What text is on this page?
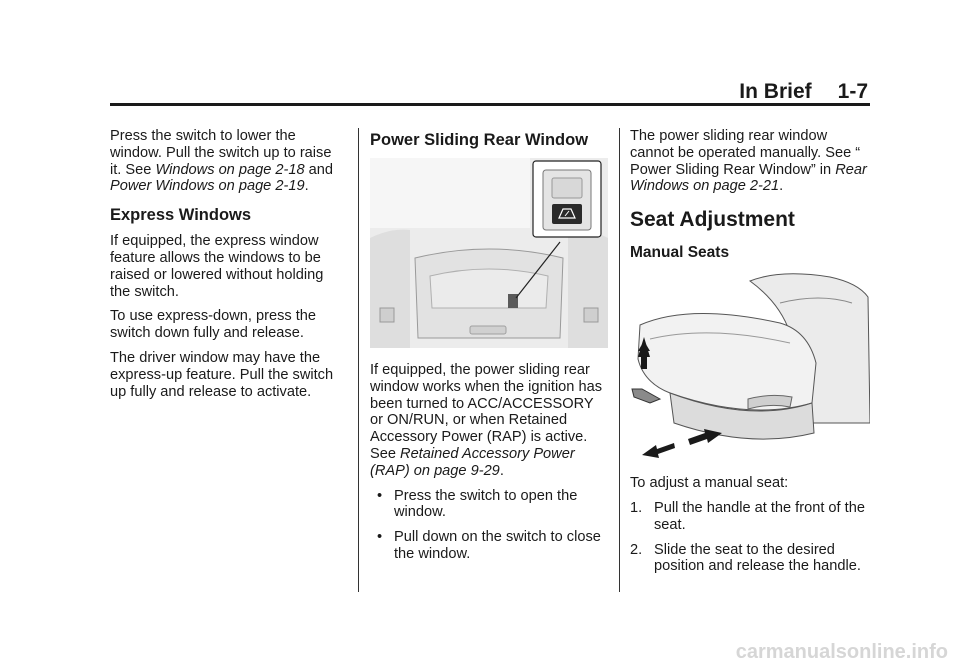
In Brief 1-7

Press the switch to lower the window. Pull the switch up to raise it. See Windows on page 2-18 and Power Windows on page 2-19.

Express Windows

If equipped, the express window feature allows the windows to be raised or lowered without holding the switch.

To use express-down, press the switch down fully and release.

The driver window may have the express-up feature. Pull the switch up fully and release to activate.

Power Sliding Rear Window

If equipped, the power sliding rear window works when the ignition has been turned to ACC/ACCESSORY or ON/RUN, or when Retained Accessory Power (RAP) is active. See Retained Accessory Power (RAP) on page 9-29.

• Press the switch to open the window.

• Pull down on the switch to close the window.

The power sliding rear window cannot be operated manually. See “ Power Sliding Rear Window” in Rear Windows on page 2-21.

Seat Adjustment
Manual Seats

To adjust a manual seat:

1. Pull the handle at the front of the seat.

2. Slide the seat to the desired position and release the handle.

carmanualsonline.info
